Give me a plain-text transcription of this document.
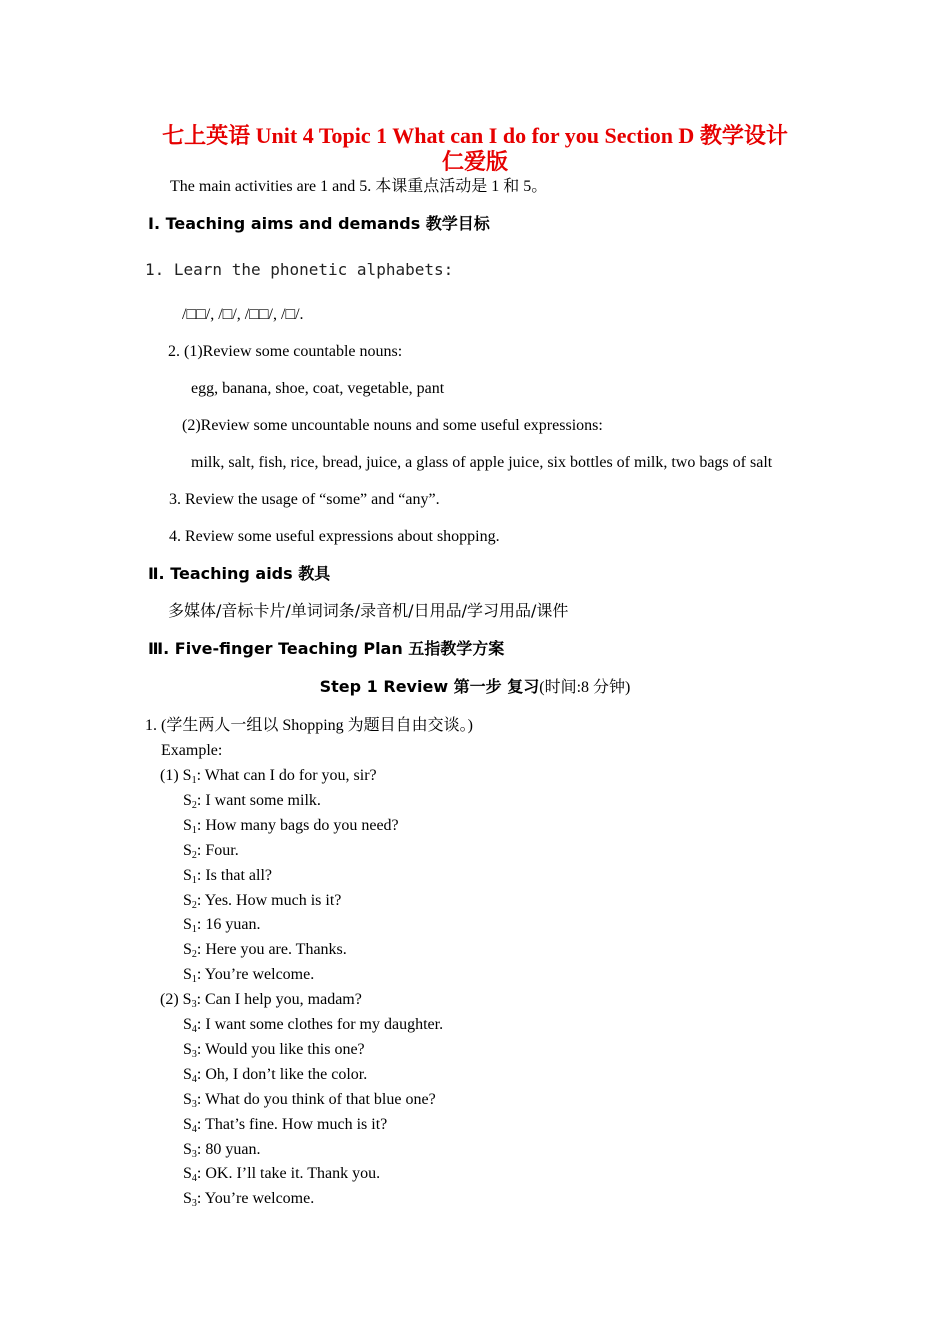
七上英语 Unit 4 Topic 1 What can I do for you Section D 教学设计
仁爱版
The main activities are 1 and 5. 本课重点活动是 1 和 5。
Ⅰ. Teaching aims and demands 教学目标
1. Learn the phonetic alphabets:
/□□/, /□/, /□□/, /□/.
2. (1)Review some countable nouns:
egg, banana, shoe, coat, vegetable, pant
(2)Review some uncountable nouns and some useful expressions:
milk, salt, fish, rice, bread, juice, a glass of apple juice, six bottles of milk, two bags of salt
3. Review the usage of “some” and “any”.
4. Review some useful expressions about shopping.
Ⅱ. Teaching aids 教具
多媒体/音标卡片/单词词条/录音机/日用品/学习用品/课件
Ⅲ. Five-finger Teaching Plan 五指教学方案
Step 1 Review 第一步 复习(时间:8 分钟)
1. (学生两人一组以 Shopping 为题目自由交谈。)
Example:
(1) $S_1$: What can I do for you, sir?
$S_2$: I want some milk.
$S_1$: How many bags do you need?
$S_2$: Four.
$S_1$: Is that all?
$S_2$: Yes. How much is it?
$S_1$: 16 yuan.
$S_2$: Here you are. Thanks.
$S_1$: You’re welcome.
(2) $S_3$: Can I help you, madam?
$S_4$: I want some clothes for my daughter.
$S_3$: Would you like this one?
$S_4$: Oh, I don’t like the color.
$S_3$: What do you think of that blue one?
$S_4$: That’s fine. How much is it?
$S_3$: 80 yuan.
$S_4$: OK. I’ll take it. Thank you.
$S_3$: You’re welcome.
